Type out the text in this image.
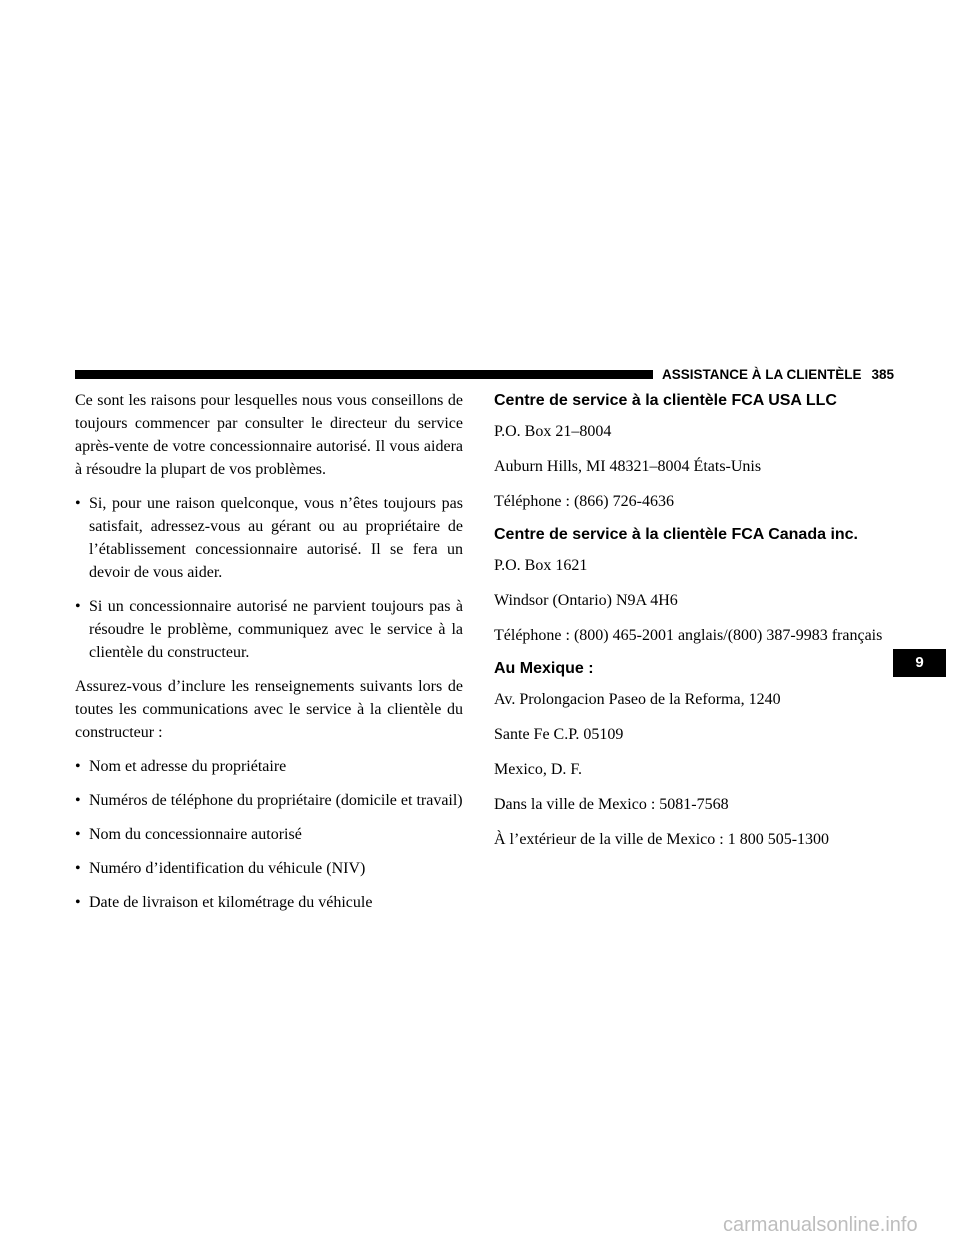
ASSISTANCE À LA CLIENTÈLE 385

Ce sont les raisons pour lesquelles nous vous conseillons de toujours commencer par consulter le directeur du service après-vente de votre concessionnaire autorisé. Il vous aidera à résoudre la plupart de vos problèmes.

• Si, pour une raison quelconque, vous n’êtes toujours pas satisfait, adressez-vous au gérant ou au propriétaire de l’établissement concessionnaire autorisé. Il se fera un devoir de vous aider.
• Si un concessionnaire autorisé ne parvient toujours pas à résoudre le problème, communiquez avec le service à la clientèle du constructeur.

Assurez-vous d’inclure les renseignements suivants lors de toutes les communications avec le service à la clientèle du constructeur :

• Nom et adresse du propriétaire
• Numéros de téléphone du propriétaire (domicile et travail)
• Nom du concessionnaire autorisé
• Numéro d’identification du véhicule (NIV)
• Date de livraison et kilométrage du véhicule
Centre de service à la clientèle FCA USA LLC

P.O. Box 21–8004

Auburn Hills, MI 48321–8004 États-Unis

Téléphone : (866) 726-4636

Centre de service à la clientèle FCA Canada inc.

P.O. Box 1621

Windsor (Ontario) N9A 4H6

Téléphone : (800) 465-2001 anglais/(800) 387-9983 français

Au Mexique :

Av. Prolongacion Paseo de la Reforma, 1240

Sante Fe C.P. 05109

Mexico, D. F.

Dans la ville de Mexico : 5081-7568

À l’extérieur de la ville de Mexico : 1 800 505-1300

9
carmanualsonline.info
